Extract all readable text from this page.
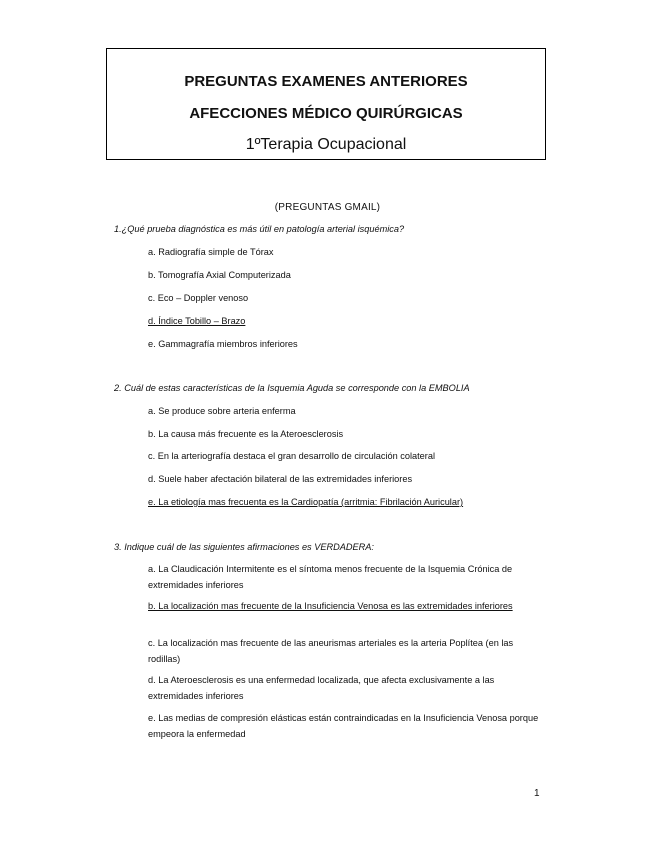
PREGUNTAS EXAMENES ANTERIORES
AFECCIONES MÉDICO QUIRÚRGICAS
1ºTerapia Ocupacional
(PREGUNTAS GMAIL)
1.¿Qué prueba diagnóstica es más útil en patología arterial isquémica?
a. Radiografía simple de Tórax
b. Tomografía Axial Computerizada
c. Eco – Doppler venoso
d. Índice Tobillo – Brazo
e. Gammagrafía miembros inferiores
2. Cuál de estas características de la Isquemia Aguda se corresponde con la EMBOLIA
a. Se produce sobre arteria enferma
b. La causa más frecuente es la Ateroesclerosis
c. En la arteriografía destaca el gran desarrollo de circulación colateral
d. Suele haber afectación bilateral de las extremidades inferiores
e. La etiología mas frecuenta es la Cardiopatía (arritmia: Fibrilación Auricular)
3. Indique cuál de las siguientes afirmaciones es VERDADERA:
a. La Claudicación Intermitente es el síntoma menos frecuente de la Isquemia Crónica de extremidades inferiores
b. La localización mas frecuente de la Insuficiencia Venosa es las extremidades inferiores
c. La localización mas frecuente de las aneurismas arteriales es la arteria Poplítea (en las rodillas)
d. La Ateroesclerosis es una enfermedad localizada, que afecta exclusivamente a las extremidades inferiores
e. Las medias de compresión elásticas están contraindicadas en la Insuficiencia Venosa porque empeora la enfermedad
1
